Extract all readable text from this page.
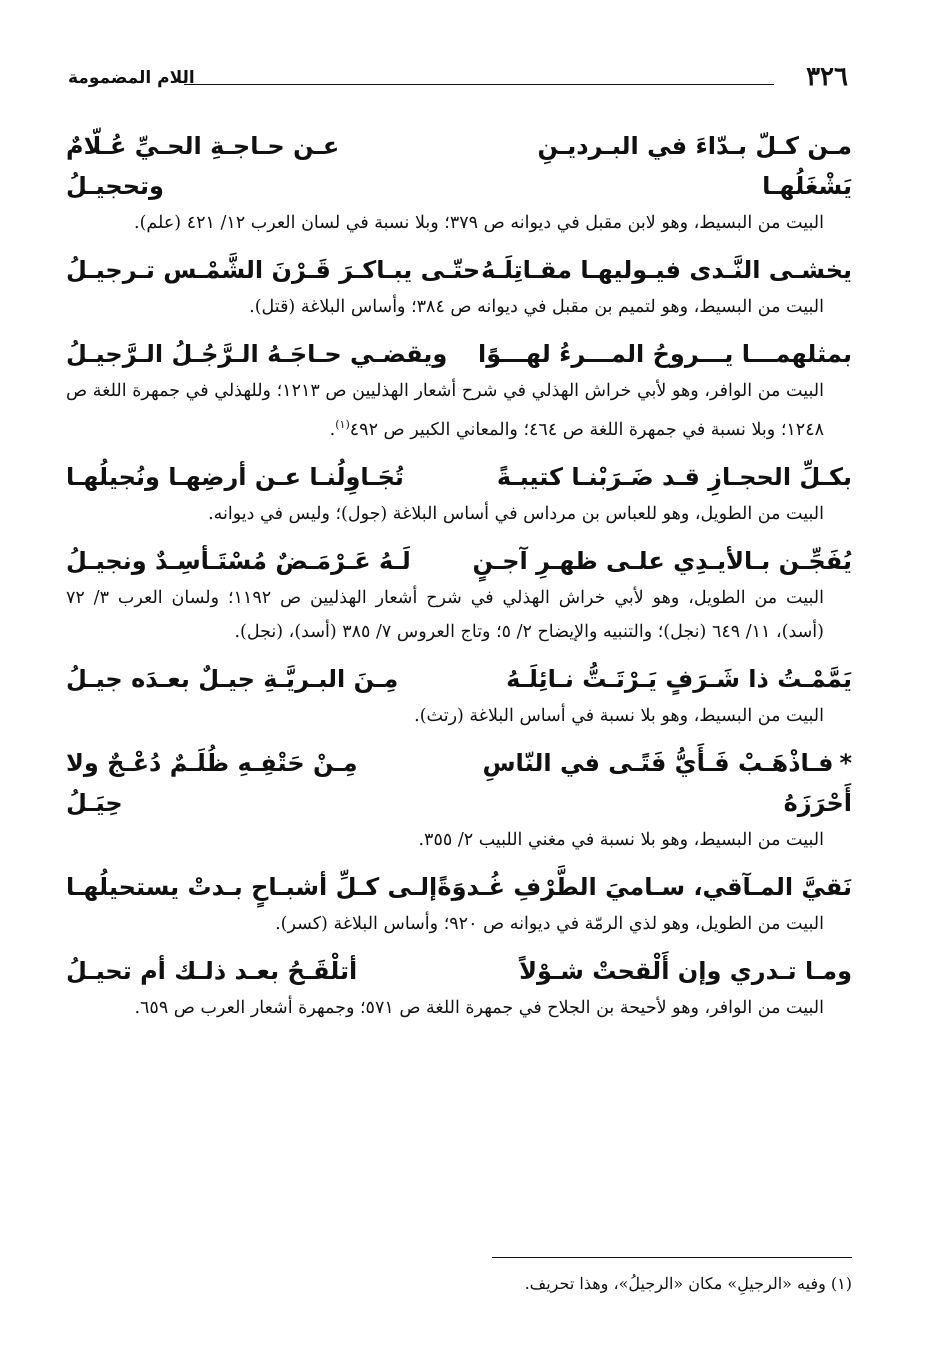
٣٢٦
اللام المضمومة
مـن كـلّ بـدّاءَ في البـرديـنِ يَشْغَلُهـا
عـن حـاجـةِ الحـيِّ عُـلّامٌ وتحجيـلُ

البيت من البسيط، وهو لابن مقبل في ديوانه ص ٣٧٩؛ وبلا نسبة في لسان العرب ١٢/ ٤٢١ (علم).

يخشـى النَّـدى فيـوليهـا مقـاتِلَـهُ
حتّـى يبـاكـرَ قَـرْنَ الشَّمْـس تـرجيـلُ

البيت من البسيط، وهو لتميم بن مقبل في ديوانه ص ٣٨٤؛ وأساس البلاغة (قتل).

بمثلهمـــا يـــروحُ المـــرءُ لهـــوًا
ويقضـي حـاجَـهُ الـرَّجُـلُ الـرَّجيـلُ

البيت من الوافر، وهو لأبي خراش الهذلي في شرح أشعار الهذليين ص ١٢١٣؛ وللهذلي في جمهرة اللغة ص ١٢٤٨؛ وبلا نسبة في جمهرة اللغة ص ٤٦٤؛ والمعاني الكبير ص ٤٩٢$^{(١)}$.

بكـلِّ الحجـازِ قـد ضَـرَبْنـا كتيبـةً
تُجَـاوِلُنـا عـن أرضِهـا ونُجيلُهـا

البيت من الطويل، وهو للعباس بن مرداس في أساس البلاغة (جول)؛ وليس في ديوانه.

يُفَجِّـن بـالأيـدِي علـى ظهـرِ آجـنٍ
لَـهُ عَـرْمَـضٌ مُسْتَـأسِـدٌ ونجيـلُ

البيت من الطويل، وهو لأبي خراش الهذلي في شرح أشعار الهذليين ص ١١٩٢؛ ولسان العرب ٣/ ٧٢ (أسد)، ١١/ ٦٤٩ (نجل)؛ والتنبيه والإيضاح ٢/ ٥؛ وتاج العروس ٧/ ٣٨٥ (أسد)، (نجل).

يَمَّمْـتُ ذا شَـرَفٍ يَـرْتَـتُّ نـائِلَـهُ
مِـنَ البـريَّـةِ جيـلٌ بعـدَه جيـلُ

البيت من البسيط، وهو بلا نسبة في أساس البلاغة (رتث).

*فـاذْهَـبْ فَـأَيُّ فَتًـى في النّاسِ أَحْرَزَهُ
مِـنْ حَتْفِـهِ ظُلَـمٌ دُعْـجٌ ولا حِيَـلُ

البيت من البسيط، وهو بلا نسبة في مغني اللبيب ٢/ ٣٥٥.

نَقيَّ المـآقي، سـاميَ الطَّرْفِ غُـدوَةً
إلـى كـلِّ أشبـاحٍ بـدتْ يستحيلُهـا

البيت من الطويل، وهو لذي الرمّة في ديوانه ص ٩٢٠؛ وأساس البلاغة (كسر).

ومـا تـدري وإن أَلْقحتْ شـوْلاً
أتلْقَـحُ بعـد ذلـك أم تحيـلُ

البيت من الوافر، وهو لأحيحة بن الجلاح في جمهرة اللغة ص ٥٧١؛ وجمهرة أشعار العرب ص ٦٥٩.

(١) وفيه «الرجيلِ» مكان «الرجيلُ»، وهذا تحريف.
